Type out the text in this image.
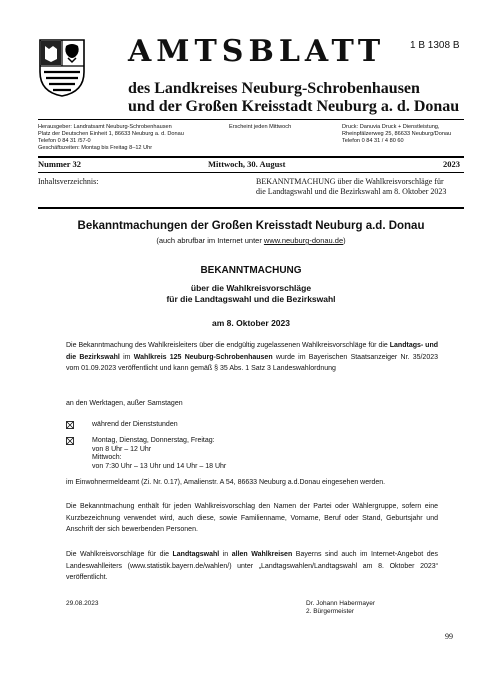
AMTSBLATT 1 B 1308 B
des Landkreises Neuburg-Schrobenhausen
und der Großen Kreisstadt Neuburg a. d. Donau
Herausgeber: Landratsamt Neuburg-Schrobenhausen
Platz der Deutschen Einheit 1, 86633 Neuburg a. d. Donau
Telefon 0 84 31 /57-0
Geschäftszeiten: Montag bis Freitag 8–12 Uhr
Erscheint jeden Mittwoch	Druck: Danuvia Druck + Dienstleistung,
Rheinpfälzerweg 25, 86633 Neuburg/Donau
Telefon 0 84 31 / 4 80 60
Nummer 32	Mittwoch, 30. August	2023
Inhaltsverzeichnis:	BEKANNTMACHUNG über die Wahlkreisvorschläge für
die Landtagswahl und die Bezirkswahl am 8. Oktober 2023
Bekanntmachungen der Großen Kreisstadt Neuburg a.d. Donau
(auch abrufbar im Internet unter www.neuburg-donau.de)
BEKANNTMACHUNG
über die Wahlkreisvorschläge
für die Landtagswahl und die Bezirkswahl
am 8. Oktober 2023
Die Bekanntmachung des Wahlkreisleiters über die endgültig zugelassenen Wahlkreisvorschläge für die Landtags- und die Bezirkswahl im Wahlkreis 125 Neuburg-Schrobenhausen wurde im Bayerischen Staatsanzeiger Nr. 35/2023 vom 01.09.2023 veröffentlicht und kann gemäß § 35 Abs. 1 Satz 3 Landeswahlordnung
an den Werktagen, außer Samstagen
während der Dienststunden
Montag, Dienstag, Donnerstag, Freitag:
von 8 Uhr – 12 Uhr
Mittwoch:
von 7:30 Uhr – 13 Uhr und 14 Uhr – 18 Uhr
im Einwohnermeldeamt (Zi. Nr. 0.17), Amalienstr. A 54, 86633 Neuburg a.d.Donau eingesehen werden.
Die Bekanntmachung enthält für jeden Wahlkreisvorschlag den Namen der Partei oder Wählergruppe, sofern eine Kurzbezeichnung verwendet wird, auch diese, sowie Familienname, Vorname, Beruf oder Stand, Geburtsjahr und Anschrift der sich bewerbenden Personen.
Die Wahlkreisvorschläge für die Landtagswahl in allen Wahlkreisen Bayerns sind auch im Internet-Angebot des Landeswahlleiters (www.statistik.bayern.de/wahlen/) unter „Landtagswahlen/Landtagswahl am 8. Oktober 2023“ veröffentlicht.
29.08.2023	Dr. Johann Habermayer
2. Bürgermeister
99
